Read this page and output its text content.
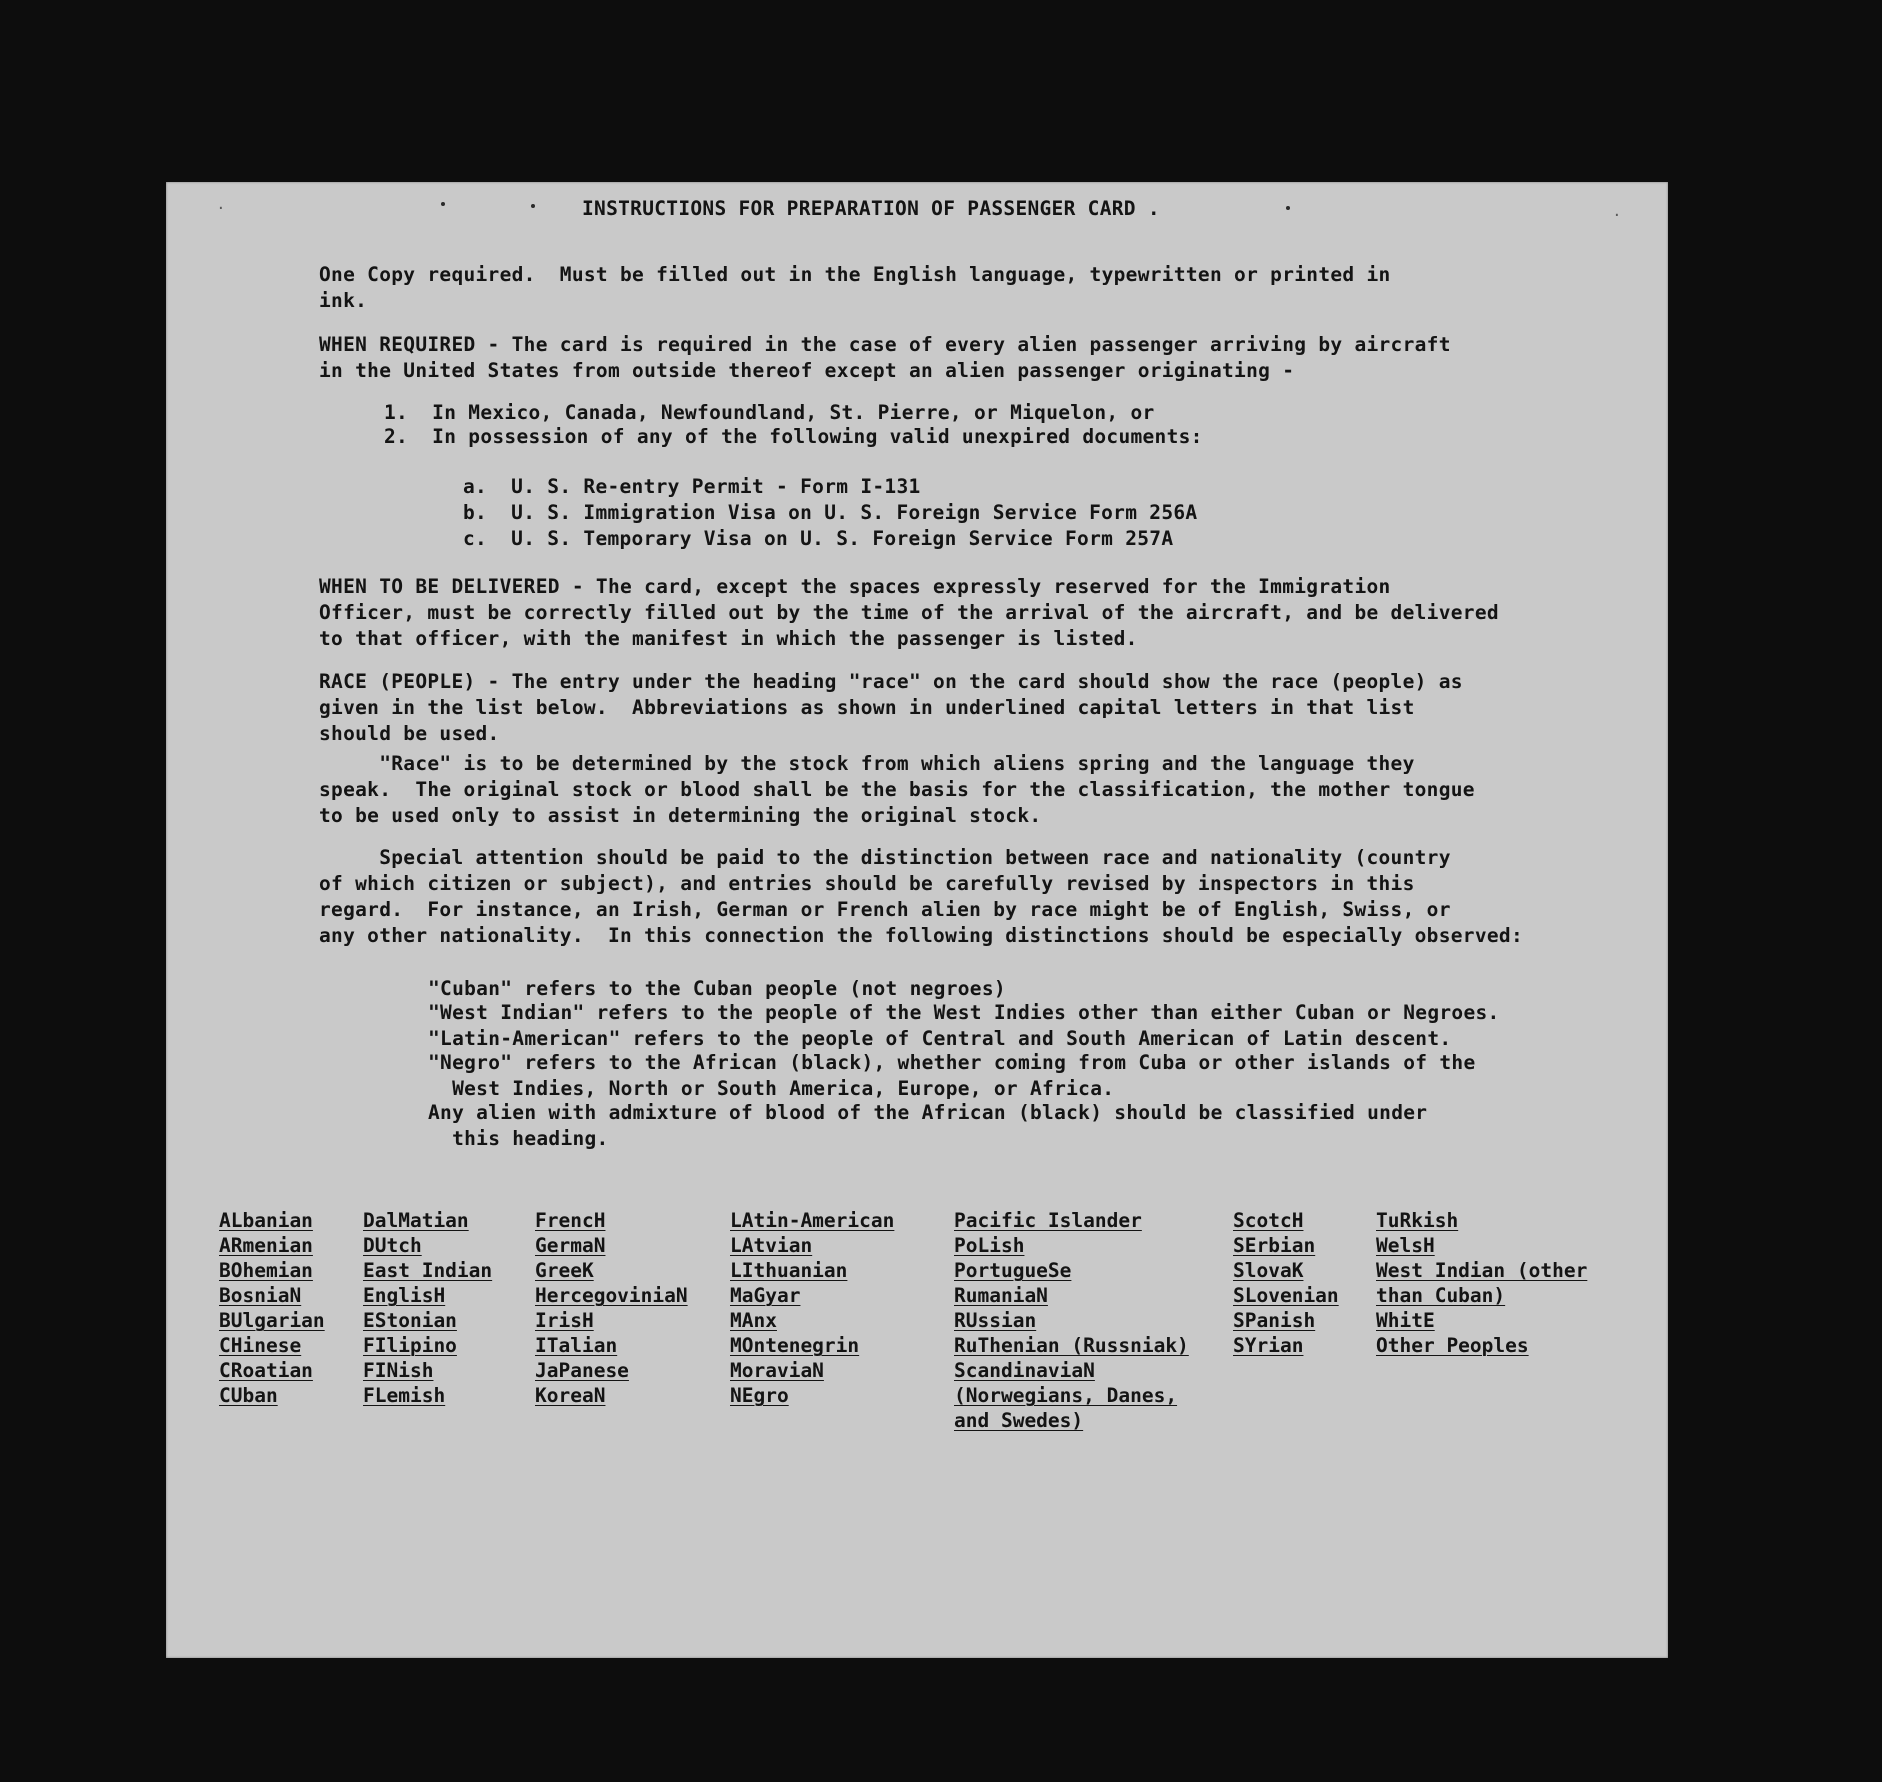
·	·
INSTRUCTIONS FOR PREPARATION OF PASSENGER CARD .
One Copy required.  Must be filled out in the English language, typewritten or printed in
ink.
WHEN REQUIRED - The card is required in the case of every alien passenger arriving by aircraft
in the United States from outside thereof except an alien passenger originating -
1.  In Mexico, Canada, Newfoundland, St. Pierre, or Miquelon, or
2.  In possession of any of the following valid unexpired documents:
a.  U. S. Re-entry Permit - Form I-131
b.  U. S. Immigration Visa on U. S. Foreign Service Form 256A
c.  U. S. Temporary Visa on U. S. Foreign Service Form 257A
WHEN TO BE DELIVERED - The card, except the spaces expressly reserved for the Immigration
Officer, must be correctly filled out by the time of the arrival of the aircraft, and be delivered
to that officer, with the manifest in which the passenger is listed.
RACE (PEOPLE) - The entry under the heading "race" on the card should show the race (people) as
given in the list below.  Abbreviations as shown in underlined capital letters in that list
should be used.
"Race" is to be determined by the stock from which aliens spring and the language they
speak.  The original stock or blood shall be the basis for the classification, the mother tongue
to be used only to assist in determining the original stock.
Special attention should be paid to the distinction between race and nationality (country
of which citizen or subject), and entries should be carefully revised by inspectors in this
regard.  For instance, an Irish, German or French alien by race might be of English, Swiss, or
any other nationality.  In this connection the following distinctions should be especially observed:
"Cuban" refers to the Cuban people (not negroes)
"West Indian" refers to the people of the West Indies other than either Cuban or Negroes.
"Latin-American" refers to the people of Central and South American of Latin descent.
"Negro" refers to the African (black), whether coming from Cuba or other islands of the
West Indies, North or South America, Europe, or Africa.
Any alien with admixture of blood of the African (black) should be classified under
this heading.
ALbanian
ARmenian
BOhemian
BosniaN
BUlgarian
CHinese
CRoatian
CUban
DalMatian
DUtch
East Indian
EnglisH
EStonian
FIlipino
FINish
FLemish
FrencH
GermaN
GreeK
HercegoviniaN
IrisH
ITalian
JaPanese
KoreaN
LAtin-American
LAtvian
LIthuanian
MaGyar
MAnx
MOntenegrin
MoraviaN
NEgro
Pacific Islander
PoLish
PortugueSe
RumaniaN
RUssian
RuThenian (Russniak)
ScandinaviaN (Norwegians, Danes, and Swedes)
ScotcH
SErbian
SlovaK
SLovenian
SPanish
SYrian
TuRkish
WelsH
West Indian (other than Cuban)
WhitE
Other Peoples
